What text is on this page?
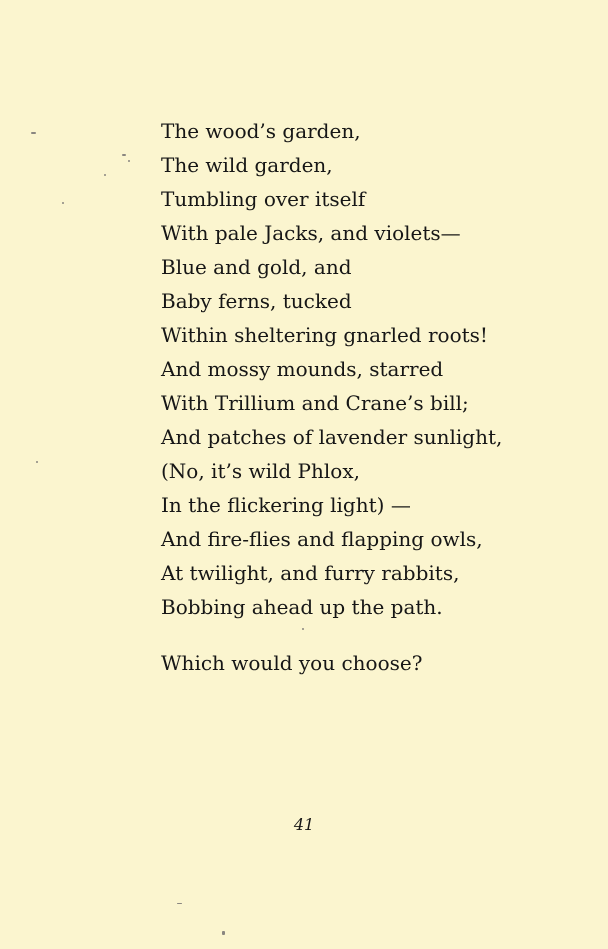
The wood’s garden,
The wild garden,
Tumbling over itself
With pale Jacks, and violets—
Blue and gold, and
Baby ferns, tucked
Within sheltering gnarled roots!
And mossy mounds, starred
With Trillium and Crane’s bill;
And patches of lavender sunlight,
(No, it’s wild Phlox,
In the flickering light) —
And fire-flies and flapping owls,
At twilight, and furry rabbits,
Bobbing ahead up the path.
Which would you choose?
41
